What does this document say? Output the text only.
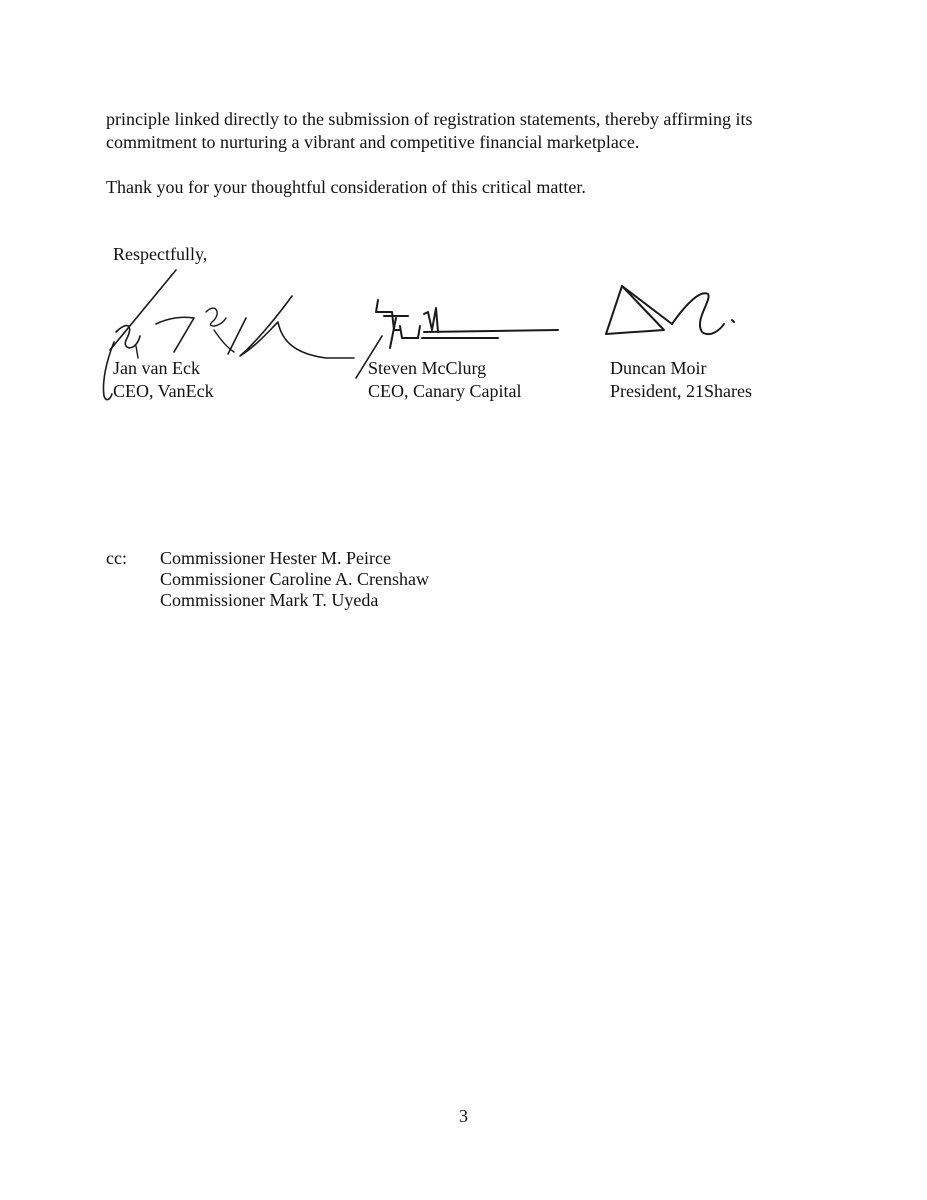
principle linked directly to the submission of registration statements, thereby affirming its
commitment to nurturing a vibrant and competitive financial marketplace.

Thank you for your thoughtful consideration of this critical matter.

Respectfully,
Jan van Eck
CEO, VanEck
Steven McClurg
CEO, Canary Capital
Duncan Moir
President, 21Shares
cc: Commissioner Hester M. Peirce
Commissioner Caroline A. Crenshaw
Commissioner Mark T. Uyeda
3
